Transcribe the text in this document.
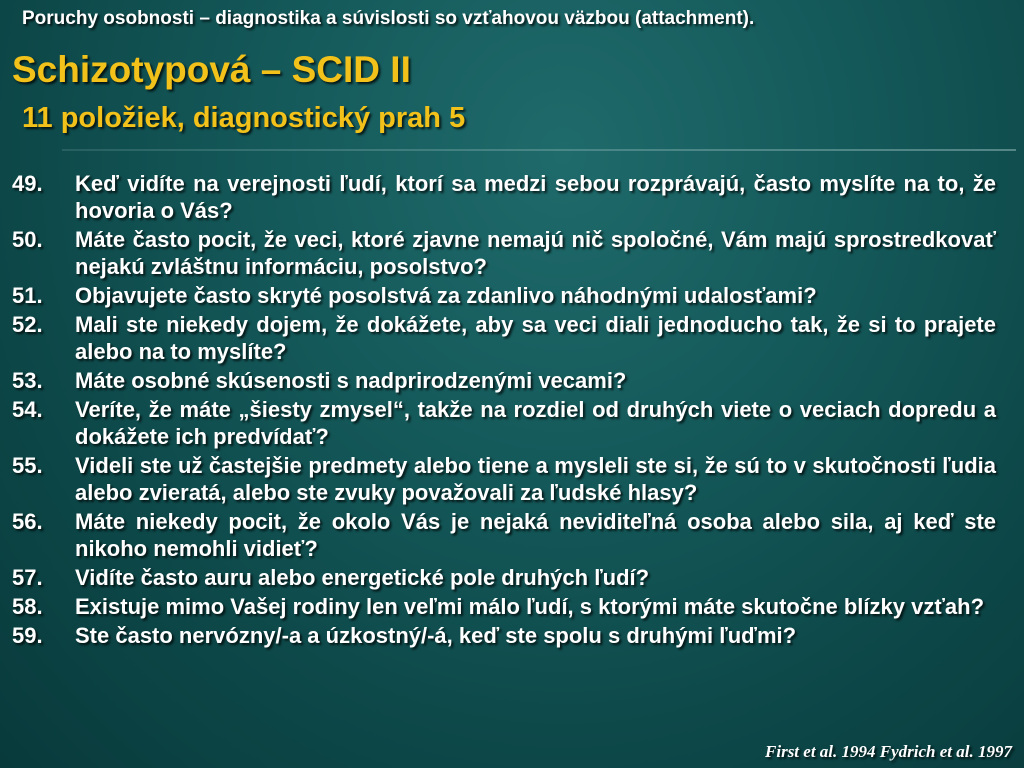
Poruchy osobnosti – diagnostika a súvislosti so vzťahovou väzbou (attachment).
Schizotypová – SCID II
11 položiek, diagnostický prah 5
49.	Keď vidíte na verejnosti ľudí, ktorí sa medzi sebou rozprávajú, často myslíte na to, že hovoria o Vás?
50.	Máte často pocit, že veci, ktoré zjavne nemajú nič spoločné, Vám majú sprostredkovať nejakú zvláštnu informáciu, posolstvo?
51.	Objavujete často skryté posolstvá za zdanlivo náhodnými udalosťami?
52.	Mali ste niekedy dojem, že dokážete, aby sa veci diali jednoducho tak, že si to prajete alebo na to myslíte?
53.	Máte osobné skúsenosti s nadprirodzenými vecami?
54.	Veríte, že máte „šiesty zmysel“, takže na rozdiel od druhých viete o veciach dopredu a dokážete ich predvídať?
55.	Videli ste už častejšie predmety alebo tiene a mysleli ste si, že sú to v skutočnosti ľudia alebo zvieratá, alebo ste zvuky považovali za ľudské hlasy?
56.	Máte niekedy pocit, že okolo Vás je nejaká neviditeľná osoba alebo sila, aj keď ste nikoho nemohli vidieť?
57.	Vidíte často auru alebo energetické pole druhých ľudí?
58.	Existuje mimo Vašej rodiny len veľmi málo ľudí, s ktorými máte skutočne blízky vzťah?
59.	Ste často nervózny/-a a úzkostný/-á, keď ste spolu s druhými ľuďmi?
First et al. 1994 Fydrich et al. 1997
